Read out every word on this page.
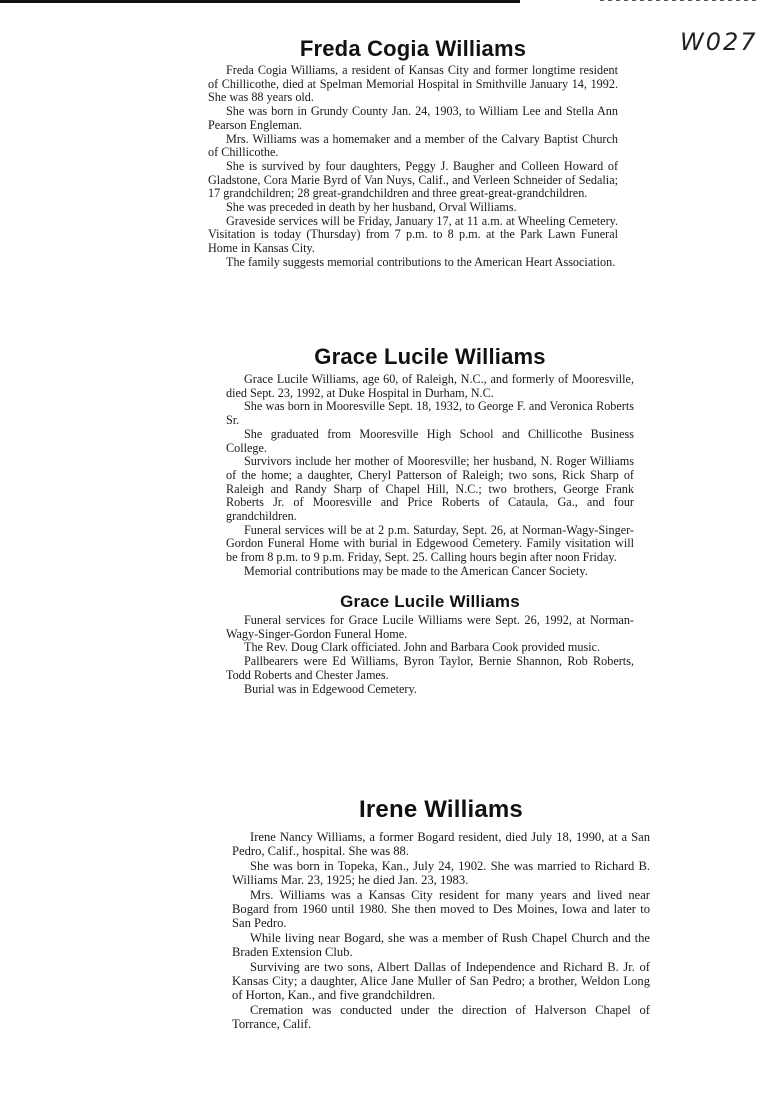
W027
Freda Cogia Williams

Freda Cogia Williams, a resident of Kansas City and former longtime resident of Chillicothe, died at Spelman Memorial Hospital in Smithville January 14, 1992. She was 88 years old.

She was born in Grundy County Jan. 24, 1903, to William Lee and Stella Ann Pearson Engleman.

Mrs. Williams was a homemaker and a member of the Calvary Baptist Church of Chillicothe.

She is survived by four daughters, Peggy J. Baugher and Colleen Howard of Gladstone, Cora Marie Byrd of Van Nuys, Calif., and Verleen Schneider of Sedalia; 17 grandchildren; 28 great-grandchildren and three great-great-grandchildren.

She was preceded in death by her husband, Orval Williams.

Graveside services will be Friday, January 17, at 11 a.m. at Wheeling Cemetery. Visitation is today (Thursday) from 7 p.m. to 8 p.m. at the Park Lawn Funeral Home in Kansas City.

The family suggests memorial contributions to the American Heart Association.

Grace Lucile Williams

Grace Lucile Williams, age 60, of Raleigh, N.C., and formerly of Mooresville, died Sept. 23, 1992, at Duke Hospital in Durham, N.C.

She was born in Mooresville Sept. 18, 1932, to George F. and Veronica Roberts Sr.

She graduated from Mooresville High School and Chillicothe Business College.

Survivors include her mother of Mooresville; her husband, N. Roger Williams of the home; a daughter, Cheryl Patterson of Raleigh; two sons, Rick Sharp of Raleigh and Randy Sharp of Chapel Hill, N.C.; two brothers, George Frank Roberts Jr. of Mooresville and Price Roberts of Cataula, Ga., and four grandchildren.

Funeral services will be at 2 p.m. Saturday, Sept. 26, at Norman-Wagy-Singer-Gordon Funeral Home with burial in Edgewood Cemetery. Family visitation will be from 8 p.m. to 9 p.m. Friday, Sept. 25. Calling hours begin after noon Friday.

Memorial contributions may be made to the American Cancer Society.

Grace Lucile Williams

Funeral services for Grace Lucile Williams were Sept. 26, 1992, at Norman-Wagy-Singer-Gordon Funeral Home.

The Rev. Doug Clark officiated. John and Barbara Cook provided music.

Pallbearers were Ed Williams, Byron Taylor, Bernie Shannon, Rob Roberts, Todd Roberts and Chester James.

Burial was in Edgewood Cemetery.

Irene Williams

Irene Nancy Williams, a former Bogard resident, died July 18, 1990, at a San Pedro, Calif., hospital. She was 88.

She was born in Topeka, Kan., July 24, 1902. She was married to Richard B. Williams Mar. 23, 1925; he died Jan. 23, 1983.

Mrs. Williams was a Kansas City resident for many years and lived near Bogard from 1960 until 1980. She then moved to Des Moines, Iowa and later to San Pedro.

While living near Bogard, she was a member of Rush Chapel Church and the Braden Extension Club.

Surviving are two sons, Albert Dallas of Independence and Richard B. Jr. of Kansas City; a daughter, Alice Jane Muller of San Pedro; a brother, Weldon Long of Horton, Kan., and five grandchildren.

Cremation was conducted under the direction of Halverson Chapel of Torrance, Calif.
